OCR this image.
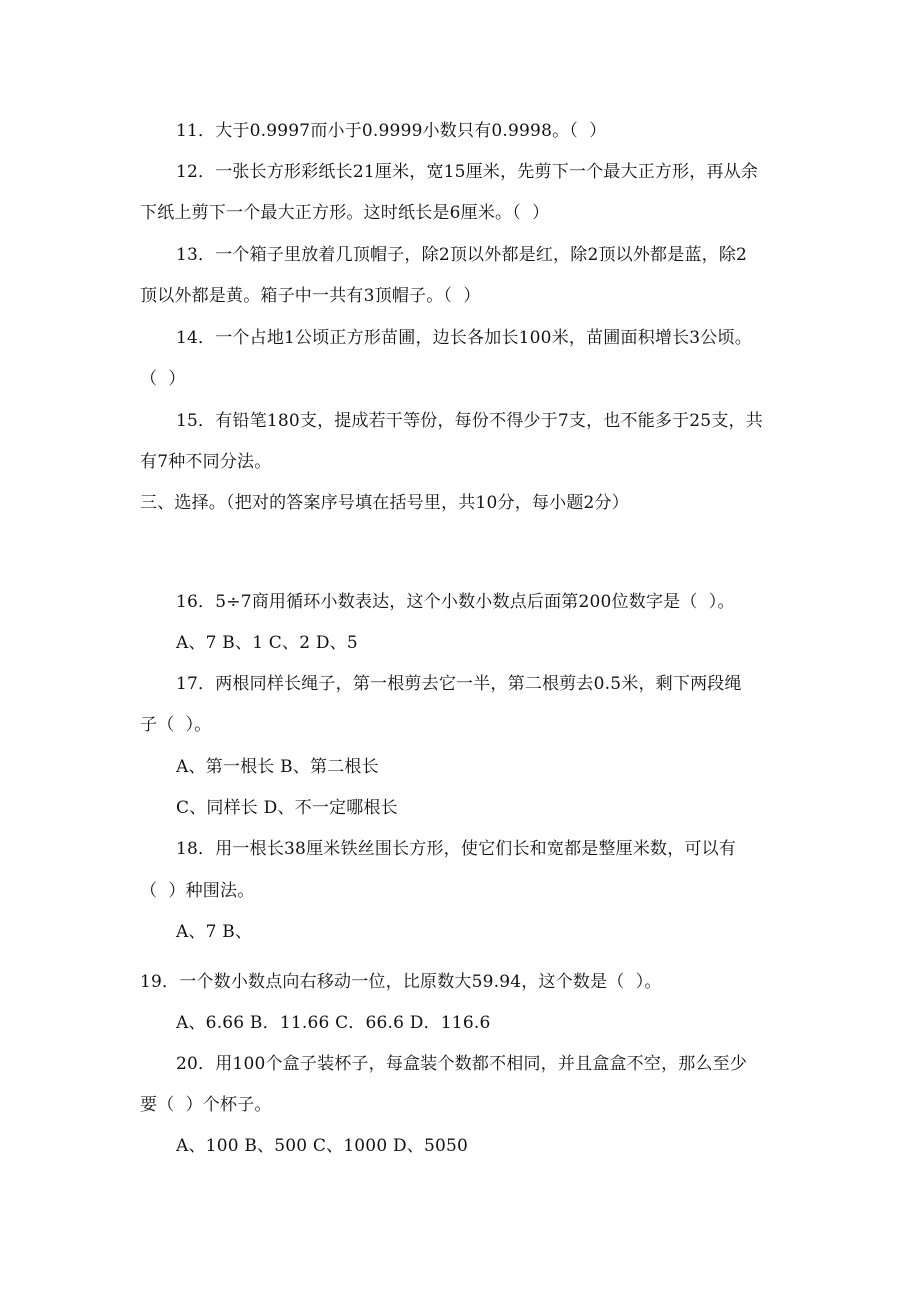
11．大于0.9997而小于0.9999小数只有0.9998。（  ）
12．一张长方形彩纸长21厘米，宽15厘米，先剪下一个最大正方形，再从余
下纸上剪下一个最大正方形。这时纸长是6厘米。（  ）
13．一个箱子里放着几顶帽子，除2顶以外都是红，除2顶以外都是蓝，除2
顶以外都是黄。箱子中一共有3顶帽子。（  ）
14．一个占地1公顷正方形苗圃，边长各加长100米，苗圃面积增长3公顷。
（  ）
15．有铅笔180支，提成若干等份，每份不得少于7支，也不能多于25支，共
有7种不同分法。
三、选择。（把对的答案序号填在括号里，共10分，每小题2分）
16．5÷7商用循环小数表达，这个小数小数点后面第200位数字是（  ）。
A、7 B、1 C、2 D、5
17．两根同样长绳子，第一根剪去它一半，第二根剪去0.5米，剩下两段绳
子（  ）。
A、第一根长 B、第二根长
C、同样长 D、不一定哪根长
18．用一根长38厘米铁丝围长方形，使它们长和宽都是整厘米数，可以有
（  ）种围法。
A、7 B、
19．一个数小数点向右移动一位，比原数大59.94，这个数是（  ）。
A、6.66 B．11.66 C．66.6 D．116.6
20．用100个盒子装杯子，每盒装个数都不相同，并且盒盒不空，那么至少
要（  ）个杯子。
A、100 B、500 C、1000 D、5050
